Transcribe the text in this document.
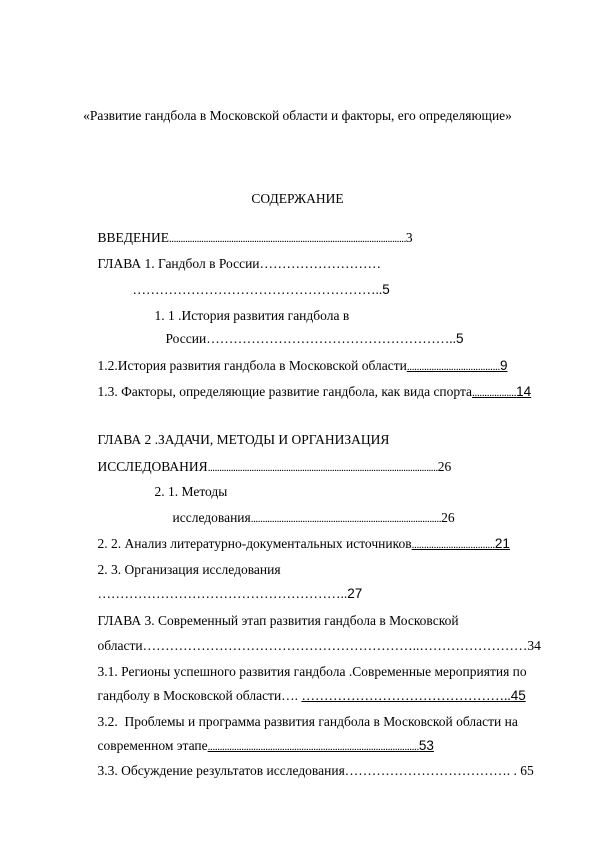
«Развитие гандбола в Московской области и факторы, его определяющие»
СОДЕРЖАНИЕ

ВВЕДЕНИЕ.......................................................................................................3

ГЛАВА 1. Гандбол в России………………………

………………………………………………..5

1. 1 .История развития гандбола в

России………………………………………………..5

1.2.История развития гандбола в Московской области......................................9

1.3. Факторы, определяющие развитие гандбола, как вида спорта..................14

ГЛАВА 2 .ЗАДАЧИ, МЕТОДЫ И ОРГАНИЗАЦИЯ

ИССЛЕДОВАНИЯ....................................................................................................26

2. 1. Методы

исследования.................................................................................26

2. 2. Анализ литературно-документальных источников..................................21

2. 3. Организация исследования

………………………………………………..27

ГЛАВА 3. Современный этап развития гандбола в Московской

области……………………………………………………..……………………34

3.1. Регионы успешного развития гандбола .Современные мероприятия по

гандболу в Московской области…. ………………………………………..45

3.2.  Проблемы и программа развития гандбола в Московской области на

современном этапе........................................................................................53

3.3. Обсуждение результатов исследования………………………………. . 65
